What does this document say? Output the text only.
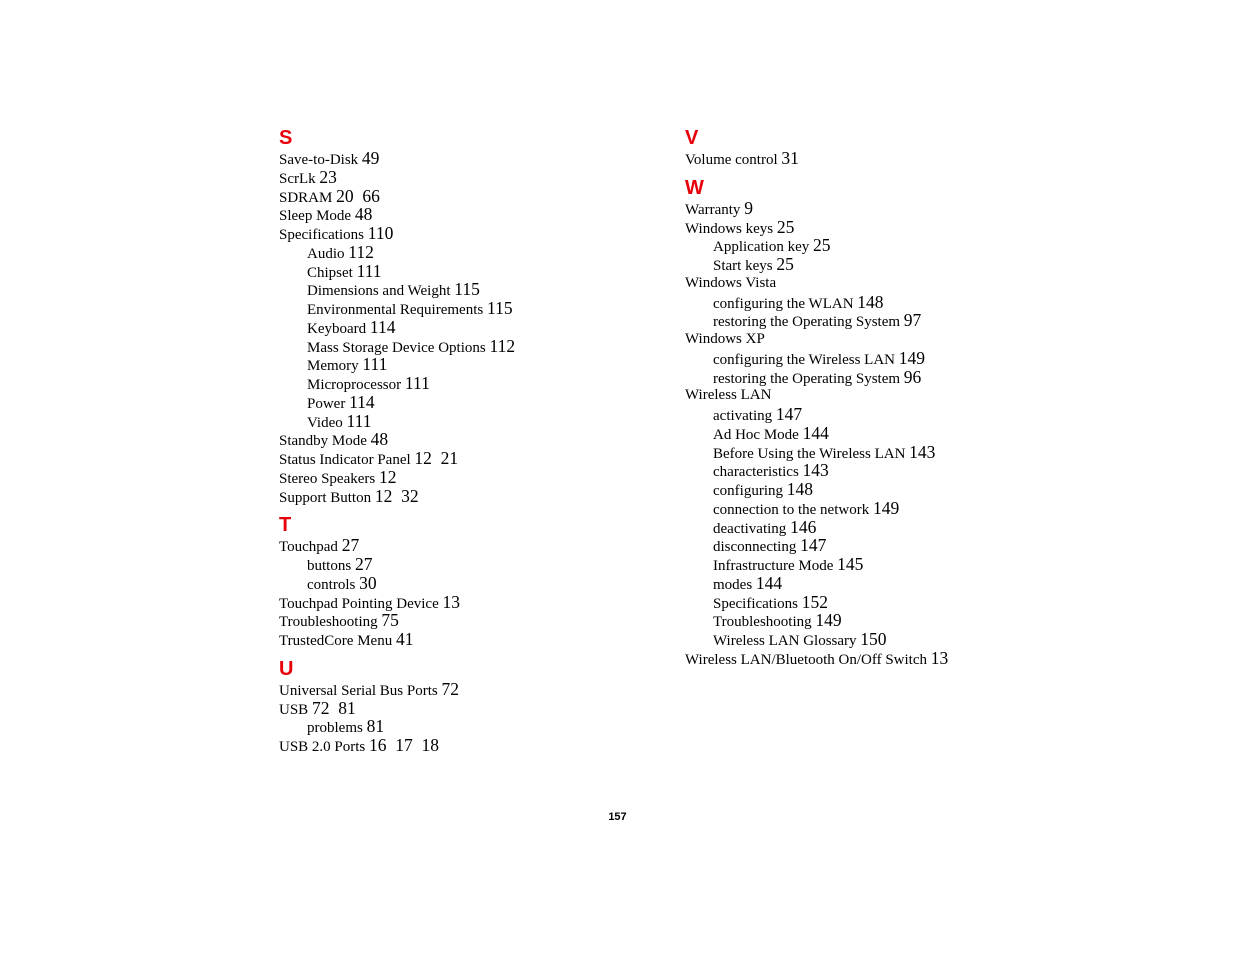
S
Save-to-Disk 49
ScrLk 23
SDRAM 20  66
Sleep Mode 48
Specifications 110
Audio 112
Chipset 111
Dimensions and Weight 115
Environmental Requirements 115
Keyboard 114
Mass Storage Device Options 112
Memory 111
Microprocessor 111
Power 114
Video 111
Standby Mode 48
Status Indicator Panel 12  21
Stereo Speakers 12
Support Button 12  32
T
Touchpad 27
buttons 27
controls 30
Touchpad Pointing Device 13
Troubleshooting 75
TrustedCore Menu 41
U
Universal Serial Bus Ports 72
USB 72  81
problems 81
USB 2.0 Ports 16  17  18
V
Volume control 31
W
Warranty 9
Windows keys 25
Application key 25
Start keys 25
Windows Vista
configuring the WLAN 148
restoring the Operating System 97
Windows XP
configuring the Wireless LAN 149
restoring the Operating System 96
Wireless LAN
activating 147
Ad Hoc Mode 144
Before Using the Wireless LAN 143
characteristics 143
configuring 148
connection to the network 149
deactivating 146
disconnecting 147
Infrastructure Mode 145
modes 144
Specifications 152
Troubleshooting 149
Wireless LAN Glossary 150
Wireless LAN/Bluetooth On/Off Switch 13
157
